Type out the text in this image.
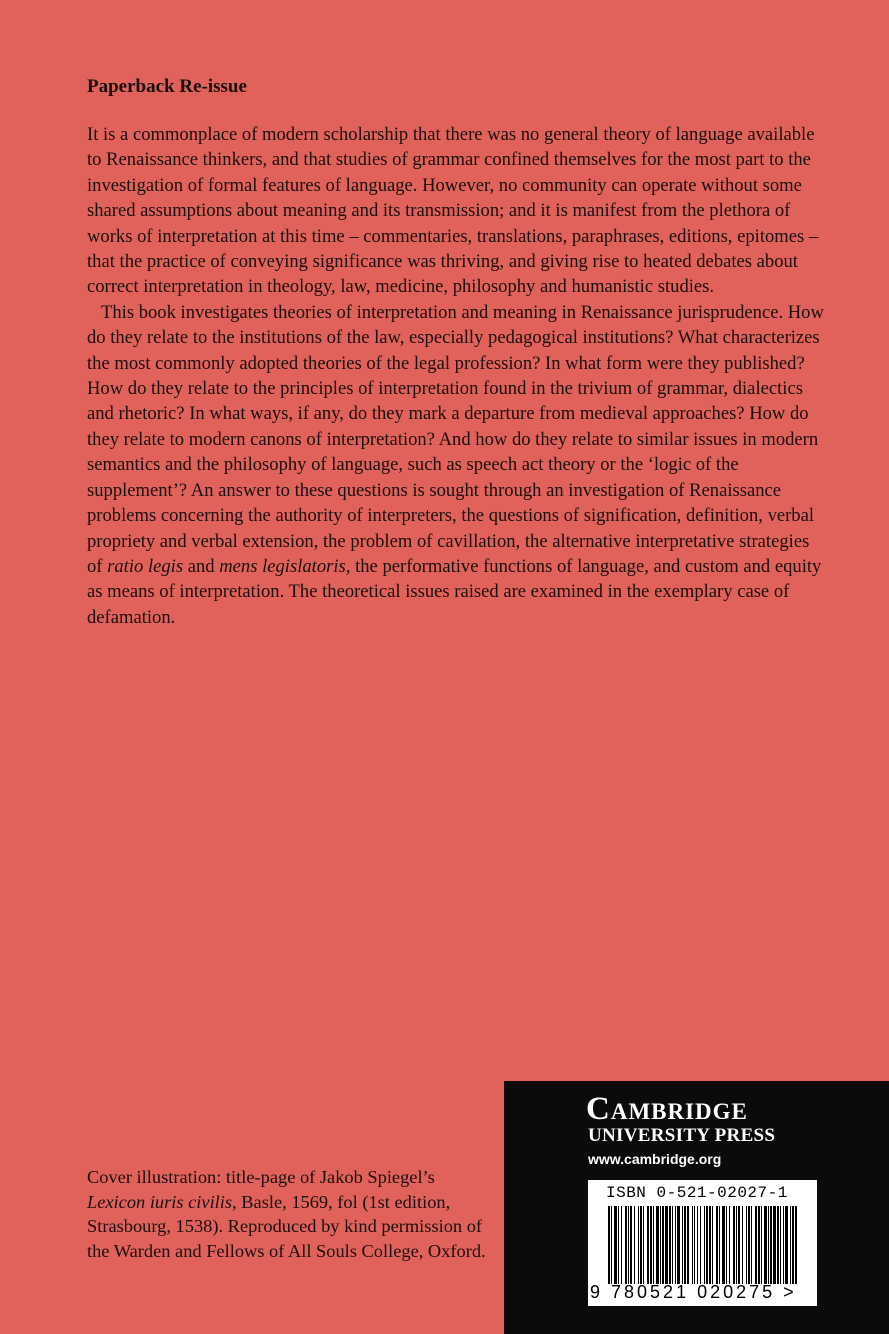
Paperback Re-issue

It is a commonplace of modern scholarship that there was no general theory of language available to Renaissance thinkers, and that studies of grammar confined themselves for the most part to the investigation of formal features of language. However, no community can operate without some shared assumptions about meaning and its transmission; and it is manifest from the plethora of works of interpretation at this time – commentaries, translations, paraphrases, editions, epitomes – that the practice of conveying significance was thriving, and giving rise to heated debates about correct interpretation in theology, law, medicine, philosophy and humanistic studies.

This book investigates theories of interpretation and meaning in Renaissance jurisprudence. How do they relate to the institutions of the law, especially pedagogical institutions? What characterizes the most commonly adopted theories of the legal profession? In what form were they published? How do they relate to the principles of interpretation found in the trivium of grammar, dialectics and rhetoric? In what ways, if any, do they mark a departure from medieval approaches? How do they relate to modern canons of interpretation? And how do they relate to similar issues in modern semantics and the philosophy of language, such as speech act theory or the ‘logic of the supplement’? An answer to these questions is sought through an investigation of Renaissance problems concerning the authority of interpreters, the questions of signification, definition, verbal propriety and verbal extension, the problem of cavillation, the alternative interpretative strategies of ratio legis and mens legislatoris, the performative functions of language, and custom and equity as means of interpretation. The theoretical issues raised are examined in the exemplary case of defamation.

Cover illustration: title-page of Jakob Spiegel’s Lexicon iuris civilis, Basle, 1569, fol (1st edition, Strasbourg, 1538). Reproduced by kind permission of the Warden and Fellows of All Souls College, Oxford.
Cambridge
UNIVERSITY PRESS
www.cambridge.org
ISBN 0-521-02027-1
9 780521 020275 >
